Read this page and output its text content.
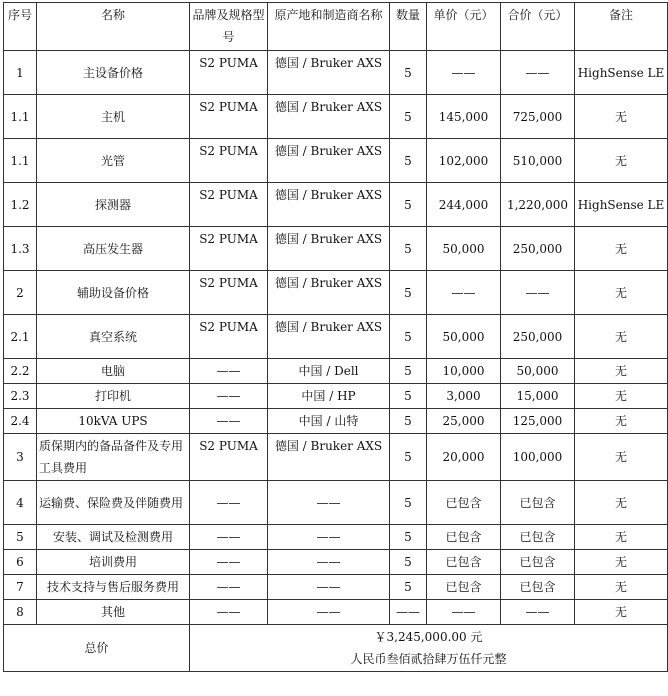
序号	名称	品牌及规格型号	原产地和制造商名称	数量	单价（元）	合价（元）	备注
1	主设备价格	S2 PUMA	德国 / Bruker AXS	5	——	——	HighSense LE
1.1	主机	S2 PUMA	德国 / Bruker AXS	5	145,000	725,000	无
1.1	光管	S2 PUMA	德国 / Bruker AXS	5	102,000	510,000	无
1.2	探测器	S2 PUMA	德国 / Bruker AXS	5	244,000	1,220,000	HighSense LE
1.3	高压发生器	S2 PUMA	德国 / Bruker AXS	5	50,000	250,000	无
2	辅助设备价格	S2 PUMA	德国 / Bruker AXS	5	——	——	无
2.1	真空系统	S2 PUMA	德国 / Bruker AXS	5	50,000	250,000	无
2.2	电脑	——	中国 / Dell	5	10,000	50,000	无
2.3	打印机	——	中国 / HP	5	3,000	15,000	无
2.4	10kVA UPS	——	中国 / 山特	5	25,000	125,000	无
3	质保期内的备品备件及专用工具费用	S2 PUMA	德国 / Bruker AXS	5	20,000	100,000	无
4	运输费、保险费及伴随费用	——	——	5	已包含	已包含	无
5	安装、调试及检测费用	——	——	5	已包含	已包含	无
6	培训费用	——	——	5	已包含	已包含	无
7	技术支持与售后服务费用	——	——	5	已包含	已包含	无
8	其他	——	——	——	——	——	无
总价		￥3,245,000.00 元
人民币叁佰贰拾肆万伍仟元整					
